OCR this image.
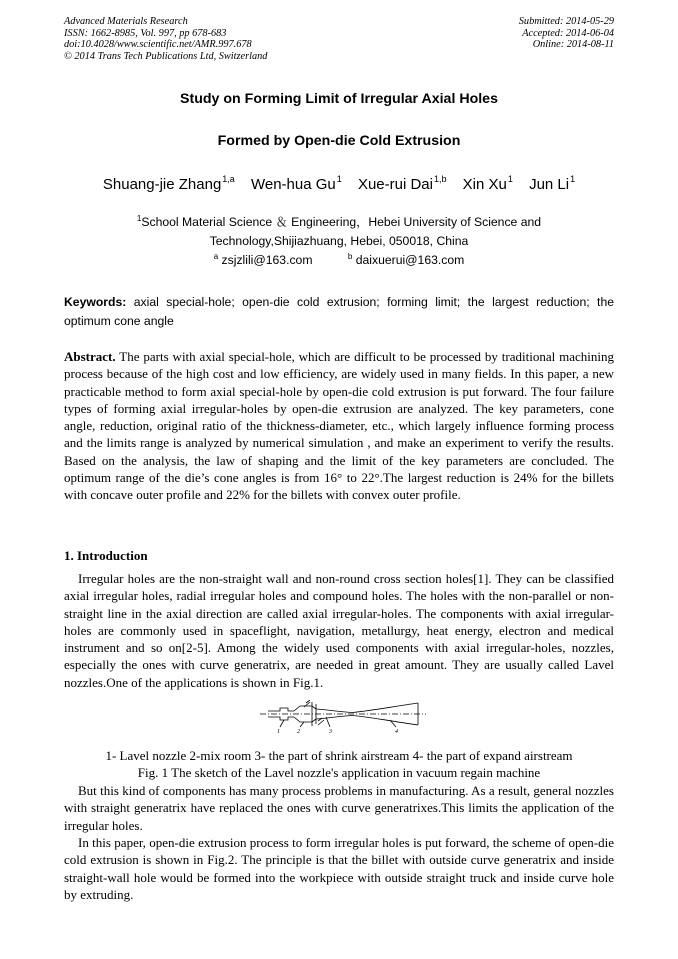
Advanced Materials Research
ISSN: 1662-8985, Vol. 997, pp 678-683
doi:10.4028/www.scientific.net/AMR.997.678
© 2014 Trans Tech Publications Ltd, Switzerland
Submitted: 2014-05-29
Accepted: 2014-06-04
Online: 2014-08-11
Study on Forming Limit of Irregular Axial Holes
Formed by Open-die Cold Extrusion
Shuang-jie Zhang$^{1,a}$ Wen-hua Gu$^1$ Xue-rui Dai$^{1,b}$ Xin Xu$^1$ Jun Li$^1$
$^1$School Material Science ＆ Engineering，Hebei University of Science and
Technology,Shijiazhuang, Hebei, 050018, China
$^a$ zsjzlili@163.com	$^b$ daixuerui@163.com
Keywords: axial special-hole; open-die cold extrusion; forming limit; the largest reduction; the optimum cone angle
Abstract. The parts with axial special-hole, which are difficult to be processed by traditional machining process because of the high cost and low efficiency, are widely used in many fields. In this paper, a new practicable method to form axial special-hole by open-die cold extrusion is put forward. The four failure types of forming axial irregular-holes by open-die extrusion are analyzed. The key parameters, cone angle, reduction, original ratio of the thickness-diameter, etc., which largely influence forming process and the limits range is analyzed by numerical simulation , and make an experiment to verify the results. Based on the analysis, the law of shaping and the limit of the key parameters are concluded. The optimum range of the die’s cone angles is from 16° to 22°.The largest reduction is 24% for the billets with concave outer profile and 22% for the billets with convex outer profile.
1. Introduction
Irregular holes are the non-straight wall and non-round cross section holes[1]. They can be classified axial irregular holes, radial irregular holes and compound holes. The holes with the non-parallel or non-straight line in the axial direction are called axial irregular-holes. The components with axial irregular-holes are commonly used in spaceflight, navigation, metallurgy, heat energy, electron and medical instrument and so on[2-5]. Among the widely used components with axial irregular-holes, nozzles, especially the ones with curve generatrix, are needed in great amount. They are usually called Lavel nozzles.One of the applications is shown in Fig.1.
1	2	3	4
1- Lavel nozzle 2-mix room 3- the part of shrink airstream 4- the part of expand airstream
Fig. 1 The sketch of the Lavel nozzle's application in vacuum regain machine
But this kind of components has many process problems in manufacturing. As a result, general nozzles with straight generatrix have replaced the ones with curve generatrixes.This limits the application of the irregular holes.
In this paper, open-die extrusion process to form irregular holes is put forward, the scheme of open-die cold extrusion is shown in Fig.2. The principle is that the billet with outside curve generatrix and inside straight-wall hole would be formed into the workpiece with outside straight truck and inside curve hole by extruding.
